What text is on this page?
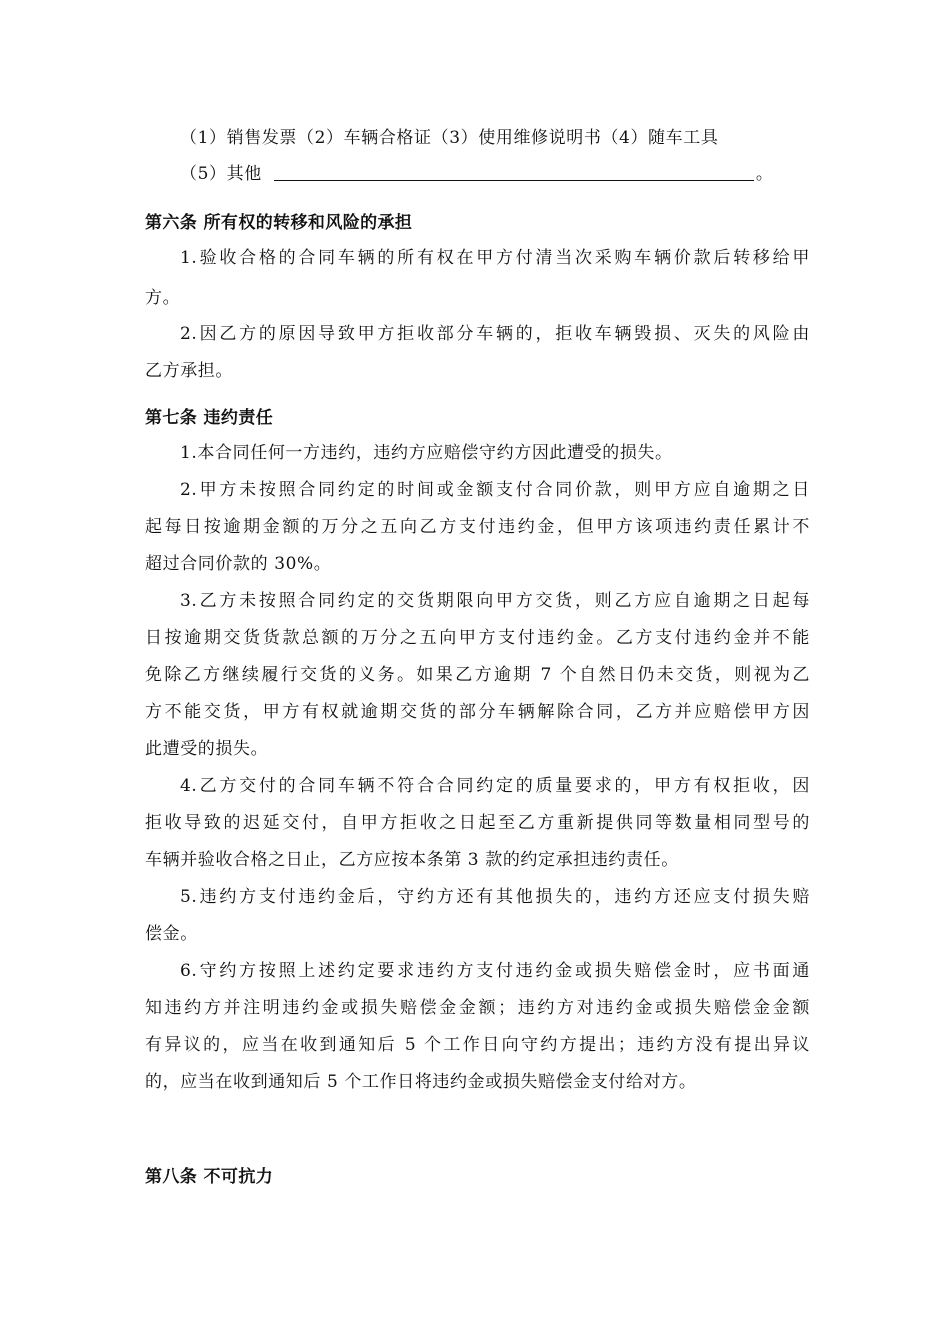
（1）销售发票（2）车辆合格证（3）使用维修说明书（4）随车工具
（5）其他	。
第六条 所有权的转移和风险的承担
1.验收合格的合同车辆的所有权在甲方付清当次采购车辆价款后转移给甲
方。
2.因乙方的原因导致甲方拒收部分车辆的，拒收车辆毁损、灭失的风险由
乙方承担。
第七条 违约责任
1.本合同任何一方违约，违约方应赔偿守约方因此遭受的损失。
2.甲方未按照合同约定的时间或金额支付合同价款，则甲方应自逾期之日
起每日按逾期金额的万分之五向乙方支付违约金，但甲方该项违约责任累计不
超过合同价款的 30%。
3.乙方未按照合同约定的交货期限向甲方交货，则乙方应自逾期之日起每
日按逾期交货货款总额的万分之五向甲方支付违约金。乙方支付违约金并不能
免除乙方继续履行交货的义务。如果乙方逾期 7 个自然日仍未交货，则视为乙
方不能交货，甲方有权就逾期交货的部分车辆解除合同，乙方并应赔偿甲方因
此遭受的损失。
4.乙方交付的合同车辆不符合合同约定的质量要求的，甲方有权拒收，因
拒收导致的迟延交付，自甲方拒收之日起至乙方重新提供同等数量相同型号的
车辆并验收合格之日止，乙方应按本条第 3 款的约定承担违约责任。
5.违约方支付违约金后，守约方还有其他损失的，违约方还应支付损失赔
偿金。
6.守约方按照上述约定要求违约方支付违约金或损失赔偿金时，应书面通
知违约方并注明违约金或损失赔偿金金额；违约方对违约金或损失赔偿金金额
有异议的，应当在收到通知后 5 个工作日向守约方提出；违约方没有提出异议
的，应当在收到通知后 5 个工作日将违约金或损失赔偿金支付给对方。
第八条 不可抗力
